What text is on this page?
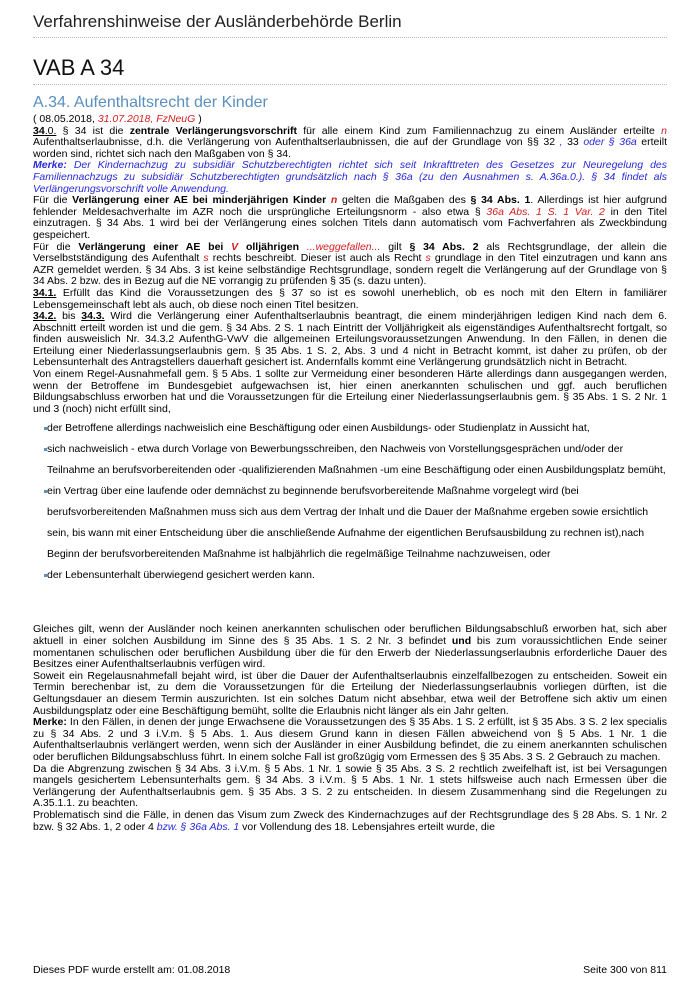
Verfahrenshinweise der Ausländerbehörde Berlin
VAB A 34
A.34. Aufenthaltsrecht der Kinder

( 08.05.2018, 31.07.2018, FzNeuG )

34.0. § 34 ist die zentrale Verlängerungsvorschrift für alle einem Kind zum Familiennachzug zu einem Ausländer erteilte n Aufenthaltserlaubnisse, d.h. die Verlängerung von Aufenthaltserlaubnissen, die auf der Grundlage von §§ 32 , 33 oder § 36a erteilt worden sind, richtet sich nach den Maßgaben von § 34.

Merke: Der Kindernachzug zu subsidiär Schutzberechtigten richtet sich seit Inkrafttreten des Gesetzes zur Neuregelung des Familiennachzugs zu subsidiär Schutzberechtigten grundsätzlich nach § 36a (zu den Ausnahmen s. A.36a.0.). § 34 findet als Verlängerungsvorschrift volle Anwendung.

Für die Verlängerung einer AE bei minderjährigen Kinder n gelten die Maßgaben des § 34 Abs. 1. Allerdings ist hier aufgrund fehlender Meldesachverhalte im AZR noch die ursprüngliche Erteilungsnorm - also etwa § 36a Abs. 1 S. 1 Var. 2 in den Titel einzutragen. § 34 Abs. 1 wird bei der Verlängerung eines solchen Titels dann automatisch vom Fachverfahren als Zweckbindung gespeichert.

Für die Verlängerung einer AE bei V olljährigen ...weggefallen... gilt § 34 Abs. 2 als Rechtsgrundlage, der allein die Verselbstständigung des Aufenthalt s rechts beschreibt. Dieser ist auch als Recht s grundlage in den Titel einzutragen und kann ans AZR gemeldet werden. § 34 Abs. 3 ist keine selbständige Rechtsgrundlage, sondern regelt die Verlängerung auf der Grundlage von § 34 Abs. 2 bzw. des in Bezug auf die NE vorrangig zu prüfenden § 35 (s. dazu unten).

34.1. Erfüllt das Kind die Voraussetzungen des § 37 so ist es sowohl unerheblich, ob es noch mit den Eltern in familiärer Lebensgemeinschaft lebt als auch, ob diese noch einen Titel besitzen.

34.2. bis 34.3. Wird die Verlängerung einer Aufenthaltserlaubnis beantragt, die einem minderjährigen ledigen Kind nach dem 6. Abschnitt erteilt worden ist und die gem. § 34 Abs. 2 S. 1 nach Eintritt der Volljährigkeit als eigenständiges Aufenthaltsrecht fortgalt, so finden ausweislich Nr. 34.3.2 AufenthG-VwV die allgemeinen Erteilungsvoraussetzungen Anwendung. In den Fällen, in denen die Erteilung einer Niederlassungserlaubnis gem. § 35 Abs. 1 S. 2, Abs. 3 und 4 nicht in Betracht kommt, ist daher zu prüfen, ob der Lebensunterhalt des Antragstellers dauerhaft gesichert ist. Andernfalls kommt eine Verlängerung grundsätzlich nicht in Betracht.

Von einem Regel-Ausnahmefall gem. § 5 Abs. 1 sollte zur Vermeidung einer besonderen Härte allerdings dann ausgegangen werden, wenn der Betroffene im Bundesgebiet aufgewachsen ist, hier einen anerkannten schulischen und ggf. auch beruflichen Bildungsabschluss erworben hat und die Voraussetzungen für die Erteilung einer Niederlassungserlaubnis gem. § 35 Abs. 1 S. 2 Nr. 1 und 3 (noch) nicht erfüllt sind,

der Betroffene allerdings nachweislich eine Beschäftigung oder einen Ausbildungs- oder Studienplatz in Aussicht hat,
sich nachweislich - etwa durch Vorlage von Bewerbungsschreiben, den Nachweis von Vorstellungsgesprächen und/oder der Teilnahme an berufsvorbereitenden oder -qualifizierenden Maßnahmen -um eine Beschäftigung oder einen Ausbildungsplatz bemüht,
ein Vertrag über eine laufende oder demnächst zu beginnende berufsvorbereitende Maßnahme vorgelegt wird (bei berufsvorbereitenden Maßnahmen muss sich aus dem Vertrag der Inhalt und die Dauer der Maßnahme ergeben sowie ersichtlich sein, bis wann mit einer Entscheidung über die anschließende Aufnahme der eigentlichen Berufsausbildung zu rechnen ist),nach Beginn der berufsvorbereitenden Maßnahme ist halbjährlich die regelmäßige Teilnahme nachzuweisen, oder
der Lebensunterhalt überwiegend gesichert werden kann.

Gleiches gilt, wenn der Ausländer noch keinen anerkannten schulischen oder beruflichen Bildungsabschluß erworben hat, sich aber aktuell in einer solchen Ausbildung im Sinne des § 35 Abs. 1 S. 2 Nr. 3 befindet und bis zum voraussichtlichen Ende seiner momentanen schulischen oder beruflichen Ausbildung über die für den Erwerb der Niederlassungserlaubnis erforderliche Dauer des Besitzes einer Aufenthaltserlaubnis verfügen wird.

Soweit ein Regelausnahmefall bejaht wird, ist über die Dauer der Aufenthaltserlaubnis einzelfallbezogen zu entscheiden. Soweit ein Termin berechenbar ist, zu dem die Voraussetzungen für die Erteilung der Niederlassungserlaubnis vorliegen dürften, ist die Geltungsdauer an diesem Termin auszurichten. Ist ein solches Datum nicht absehbar, etwa weil der Betroffene sich aktiv um einen Ausbildungsplatz oder eine Beschäftigung bemüht, sollte die Erlaubnis nicht länger als ein Jahr gelten.

Merke: In den Fällen, in denen der junge Erwachsene die Voraussetzungen des § 35 Abs. 1 S. 2 erfüllt, ist § 35 Abs. 3 S. 2 lex specialis zu § 34 Abs. 2 und 3 i.V.m. § 5 Abs. 1. Aus diesem Grund kann in diesen Fällen abweichend von § 5 Abs. 1 Nr. 1 die Aufenthaltserlaubnis verlängert werden, wenn sich der Ausländer in einer Ausbildung befindet, die zu einem anerkannten schulischen oder beruflichen Bildungsabschluss führt. In einem solche Fall ist großzügig vom Ermessen des § 35 Abs. 3 S. 2 Gebrauch zu machen.

Da die Abgrenzung zwischen § 34 Abs. 3 i.V.m. § 5 Abs. 1 Nr. 1 sowie § 35 Abs. 3 S. 2 rechtlich zweifelhaft ist, ist bei Versagungen mangels gesichertem Lebensunterhalts gem. § 34 Abs. 3 i.V.m. § 5 Abs. 1 Nr. 1 stets hilfsweise auch nach Ermessen über die Verlängerung der Aufenthaltserlaubnis gem. § 35 Abs. 3 S. 2 zu entscheiden. In diesem Zusammenhang sind die Regelungen zu A.35.1.1. zu beachten.

Problematisch sind die Fälle, in denen das Visum zum Zweck des Kindernachzuges auf der Rechtsgrundlage des § 28 Abs. S. 1 Nr. 2 bzw. § 32 Abs. 1, 2 oder 4 bzw. § 36a Abs. 1 vor Vollendung des 18. Lebensjahres erteilt wurde, die

Dieses PDF wurde erstellt am: 01.08.2018	Seite 300 von 811
